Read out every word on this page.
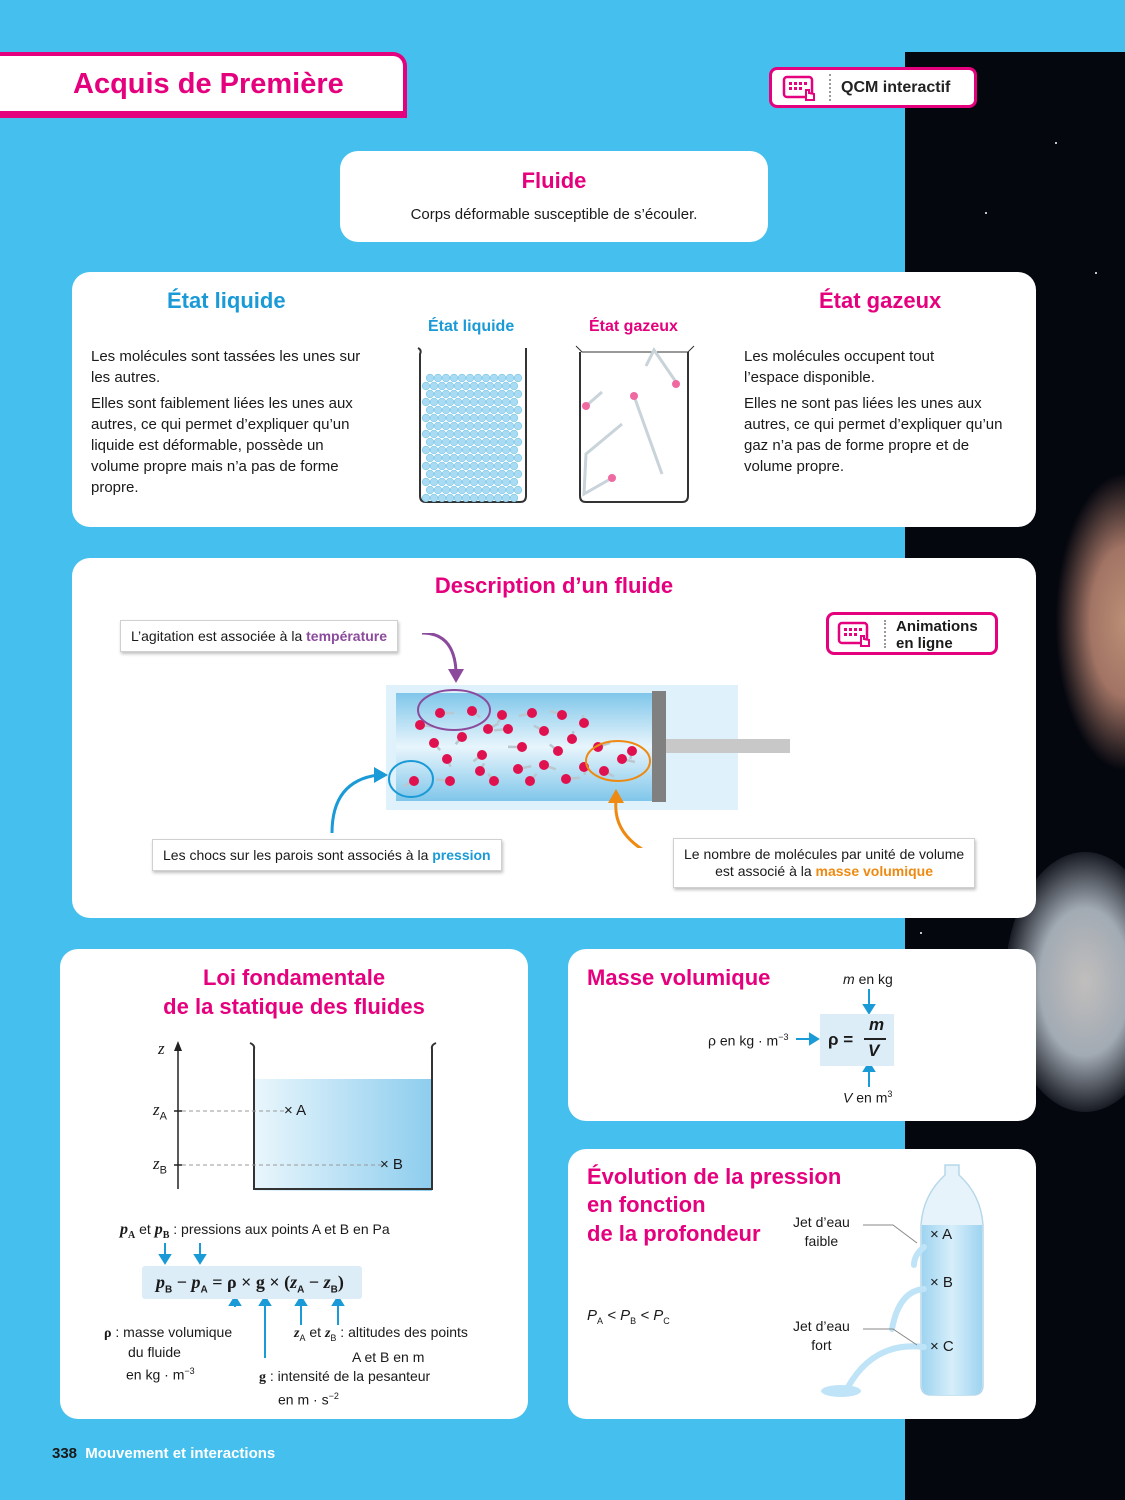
Acquis de Première	QCM interactif
Fluide
Corps déformable susceptible de s’écouler.
État liquide
Les molécules sont tassées les unes sur les autres.
Elles sont faiblement liées les unes aux autres, ce qui permet d’expliquer qu’un liquide est déformable, possède un volume propre mais n’a pas de forme propre.
État liquide	État gazeux
État gazeux
Les molécules occupent tout l’espace disponible.
Elles ne sont pas liées les unes aux autres, ce qui permet d’expliquer qu’un gaz n’a pas de forme propre et de volume propre.
Description d’un fluide
Animations
en ligne
L’agitation est associée à la température
Les chocs sur les parois sont associés à la pression	Le nombre de molécules par unité de volume
est associé à la masse volumique
Loi fondamentale
de la statique des fluides
z
$z_A$
$z_B$
× A
× B
$p_A$ et $p_B$ : pressions aux points A et B en Pa
$p_B - p_A = \rho \times g \times (z_A - z_B)$
ρ : masse volumique
du fluide
en kg · $m^{-3}$
$z_A$ et $z_B$ : altitudes des points
A et B en m
g : intensité de la pesanteur
en $m \cdot s^{-2}$
Masse volumique	m en kg
ρ en kg · $m^{-3}$ ρ =
m
V
V en $m^3$
Évolution de la pression
en fonction
de la profondeur
$P_A < P_B < P_C$
Jet d’eau
faible
Jet d’eau
fort
× A
× B
× C
338 Mouvement et interactions
